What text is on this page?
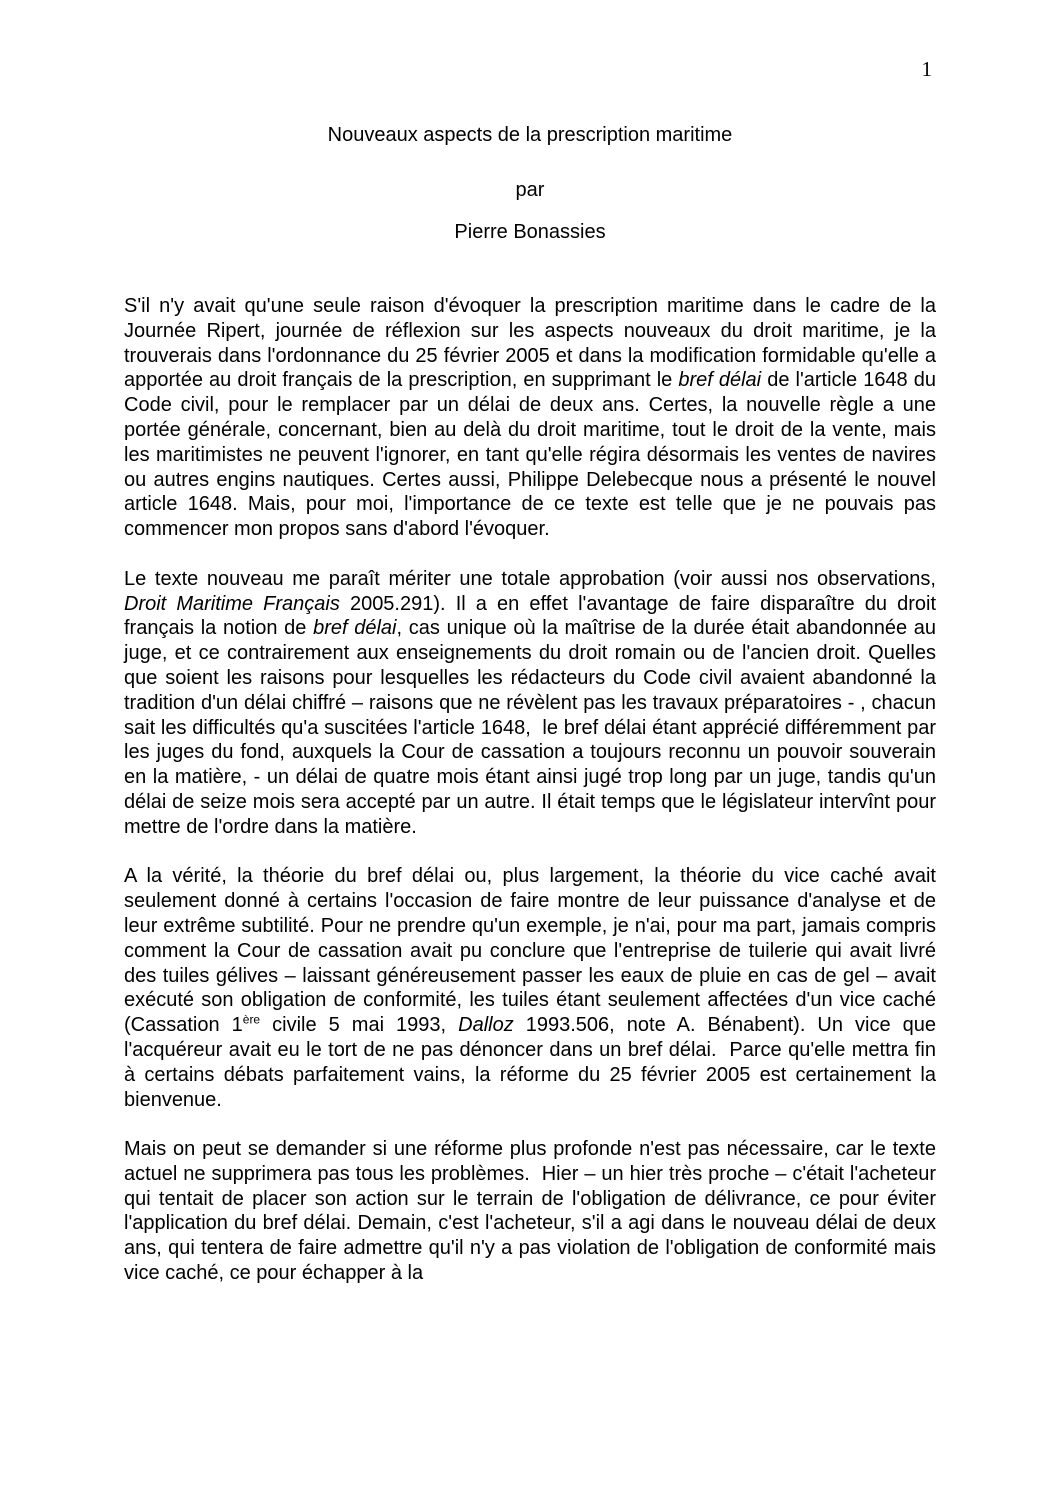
1
Nouveaux aspects de la prescription maritime
par
Pierre Bonassies

S'il n'y avait qu'une seule raison d'évoquer la prescription maritime dans le cadre de la Journée Ripert, journée de réflexion sur les aspects nouveaux du droit maritime, je la trouverais dans l'ordonnance du 25 février 2005 et dans la modification formidable qu'elle a apportée au droit français de la prescription, en supprimant le bref délai de l'article 1648 du Code civil, pour le remplacer par un délai de deux ans. Certes, la nouvelle règle a une portée générale, concernant, bien au delà du droit maritime, tout le droit de la vente, mais les maritimistes ne peuvent l'ignorer, en tant qu'elle régira désormais les ventes de navires ou autres engins nautiques. Certes aussi, Philippe Delebecque nous a présenté le nouvel article 1648. Mais, pour moi, l'importance de ce texte est telle que je ne pouvais pas commencer mon propos sans d'abord l'évoquer.

Le texte nouveau me paraît mériter une totale approbation (voir aussi nos observations, Droit Maritime Français 2005.291). Il a en effet l'avantage de faire disparaître du droit français la notion de bref délai, cas unique où la maîtrise de la durée était abandonnée au juge, et ce contrairement aux enseignements du droit romain ou de l'ancien droit. Quelles que soient les raisons pour lesquelles les rédacteurs du Code civil avaient abandonné la tradition d'un délai chiffré – raisons que ne révèlent pas les travaux préparatoires - , chacun sait les difficultés qu'a suscitées l'article 1648,  le bref délai étant apprécié différemment par les juges du fond, auxquels la Cour de cassation a toujours reconnu un pouvoir souverain en la matière, - un délai de quatre mois étant ainsi jugé trop long par un juge, tandis qu'un délai de seize mois sera accepté par un autre. Il était temps que le législateur intervînt pour mettre de l'ordre dans la matière.

A la vérité, la théorie du bref délai ou, plus largement, la théorie du vice caché avait seulement donné à certains l'occasion de faire montre de leur puissance d'analyse et de leur extrême subtilité. Pour ne prendre qu'un exemple, je n'ai, pour ma part, jamais compris comment la Cour de cassation avait pu conclure que l'entreprise de tuilerie qui avait livré des tuiles gélives – laissant généreusement passer les eaux de pluie en cas de gel – avait exécuté son obligation de conformité, les tuiles étant seulement affectées d'un vice caché (Cassation 1ère civile 5 mai 1993, Dalloz 1993.506, note A. Bénabent). Un vice que l'acquéreur avait eu le tort de ne pas dénoncer dans un bref délai.  Parce qu'elle mettra fin à certains débats parfaitement vains, la réforme du 25 février 2005 est certainement la bienvenue.

Mais on peut se demander si une réforme plus profonde n'est pas nécessaire, car le texte actuel ne supprimera pas tous les problèmes.  Hier – un hier très proche – c'était l'acheteur qui tentait de placer son action sur le terrain de l'obligation de délivrance, ce pour éviter l'application du bref délai. Demain, c'est l'acheteur, s'il a agi dans le nouveau délai de deux ans, qui tentera de faire admettre qu'il n'y a pas violation de l'obligation de conformité mais vice caché, ce pour échapper à la
